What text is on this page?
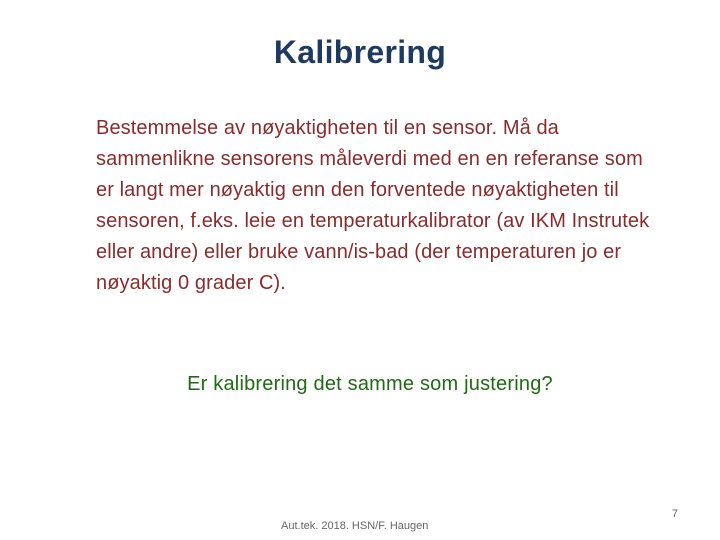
Kalibrering
Bestemmelse av nøyaktigheten til en sensor. Må da sammenlikne sensorens måleverdi med en en referanse som er langt mer nøyaktig enn den forventede nøyaktigheten til sensoren, f.eks. leie en temperaturkalibrator (av IKM Instrutek eller andre) eller bruke vann/is-bad (der temperaturen jo er nøyaktig 0 grader C).
Er kalibrering det samme som justering?
Aut.tek. 2018. HSN/F. Haugen
7
